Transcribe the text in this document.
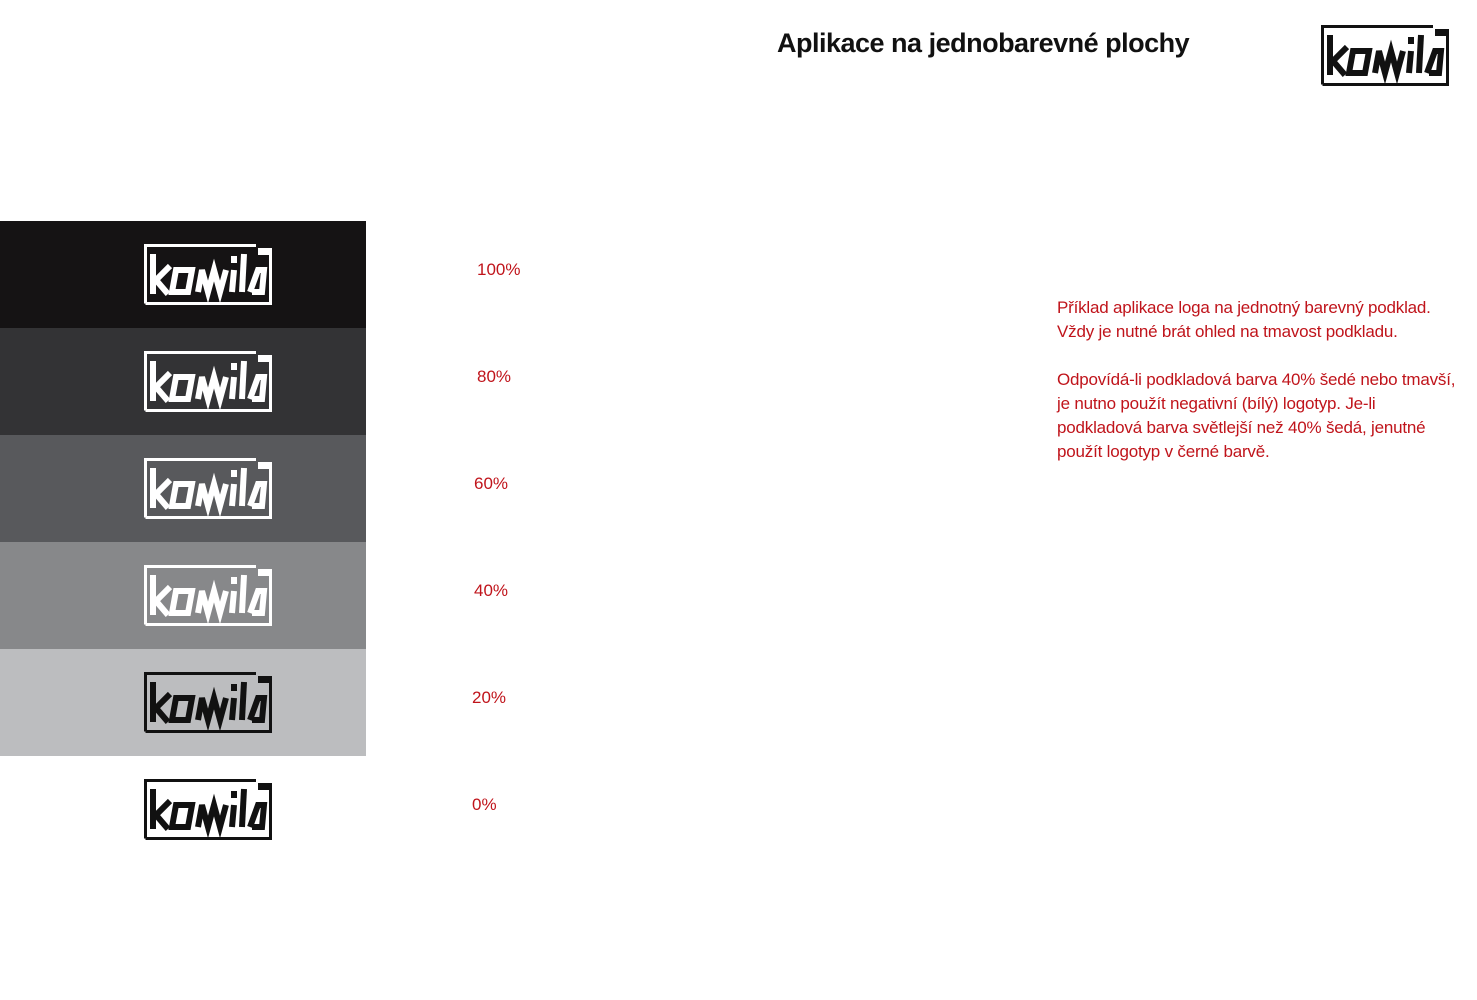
Aplikace na jednobarevné plochy

Příklad aplikace loga na jednotný barevný podklad. Vždy je nutné brát ohled na tmavost podkladu.

Odpovídá-li podkladová barva 40% šedé nebo tmavší, je nutno použít negativní (bílý) logotyp. Je-li podkladová barva světlejší než 40% šedá, jenutné použít logotyp v černé barvě.

100%
80%
60%
40%
20%
0%
